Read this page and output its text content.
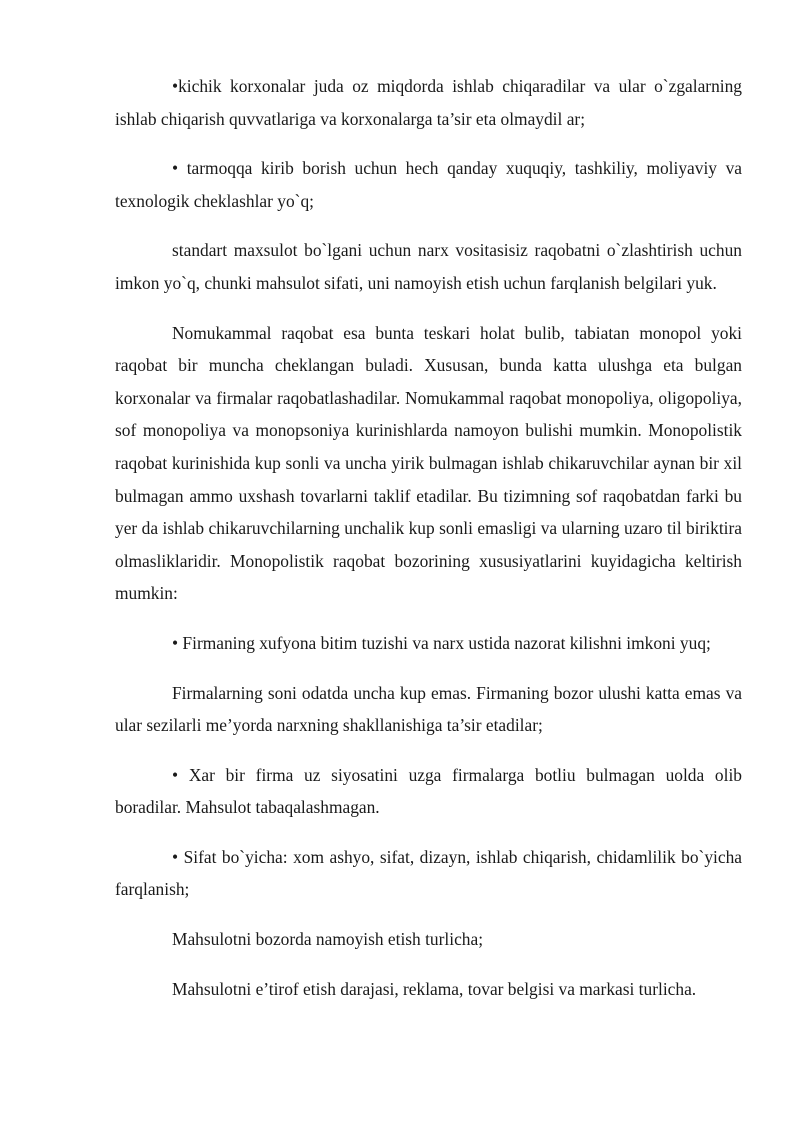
•kichik korxonalar juda oz miqdorda ishlab chiqaradilar va ular o`zgalarning ishlab chiqarish quvvatlariga va korxonalarga ta’sir eta olmaydil ar;

• tarmoqqa kirib borish uchun hech qanday xuquqiy, tashkiliy, moliyaviy va texnologik cheklashlar yo`q;

standart maxsulot bo`lgani uchun narx vositasisiz raqobatni o`zlashtirish uchun imkon yo`q, chunki mahsulot sifati, uni namoyish etish uchun farqlanish belgilari yuk.

Nomukammal raqobat esa bunta teskari holat bulib, tabiatan monopol yoki raqobat bir muncha cheklangan buladi. Xususan, bunda katta ulushga eta bulgan korxonalar va firmalar raqobatlashadilar. Nomukammal raqobat monopoliya, oligopoliya, sof monopoliya va monopsoniya kurinishlarda namoyon bulishi mumkin. Monopolistik raqobat kurinishida kup sonli va uncha yirik bulmagan ishlab chikaruvchilar aynan bir xil bulmagan ammo uxshash tovarlarni taklif etadilar. Bu tizimning sof raqobatdan farki bu yer da ishlab chikaruvchilarning unchalik kup sonli emasligi va ularning uzaro til biriktira olmasliklaridir. Monopolistik raqobat bozorining xususiyatlarini kuyidagicha keltirish mumkin:

• Firmaning xufyona bitim tuzishi va narx ustida nazorat kilishni imkoni yuq;

Firmalarning soni odatda uncha kup emas. Firmaning bozor ulushi katta emas va ular sezilarli me’yorda narxning shakllanishiga ta’sir etadilar;

• Xar bir firma uz siyosatini uzga firmalarga botliu bulmagan uolda olib boradilar. Mahsulot tabaqalashmagan.

• Sifat bo`yicha: xom ashyo, sifat, dizayn, ishlab chiqarish, chidamlilik bo`yicha farqlanish;

Mahsulotni bozorda namoyish etish turlicha;

Mahsulotni e’tirof etish darajasi, reklama, tovar belgisi va markasi turlicha.
